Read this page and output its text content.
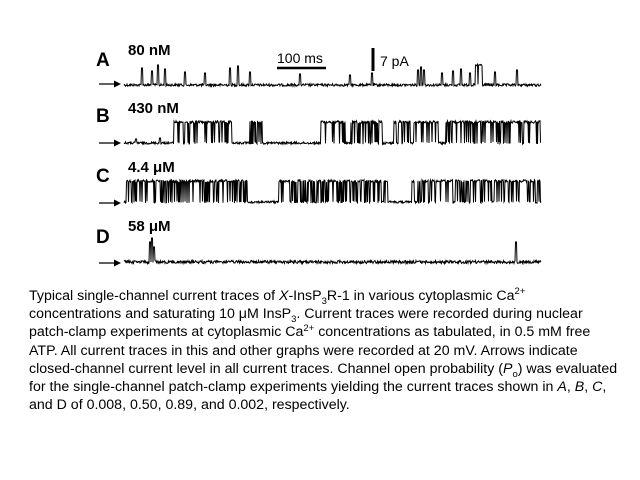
A
B
C
D
80 nM
430 nM
4.4 μM
58 μM
100 ms	7 pA
Typical single-channel current traces of X-InsP$_3$R-1 in various cytoplasmic $Ca^{2+}$ concentrations and saturating 10 μM InsP$_3$. Current traces were recorded during nuclear patch-clamp experiments at cytoplasmic $Ca^{2+}$ concentrations as tabulated, in 0.5 mM free ATP. All current traces in this and other graphs were recorded at 20 mV. Arrows indicate closed-channel current level in all current traces. Channel open probability $(P_o)$ was evaluated for the single-channel patch-clamp experiments yielding the current traces shown in A, B, C, and D of 0.008, 0.50, 0.89, and 0.002, respectively.
